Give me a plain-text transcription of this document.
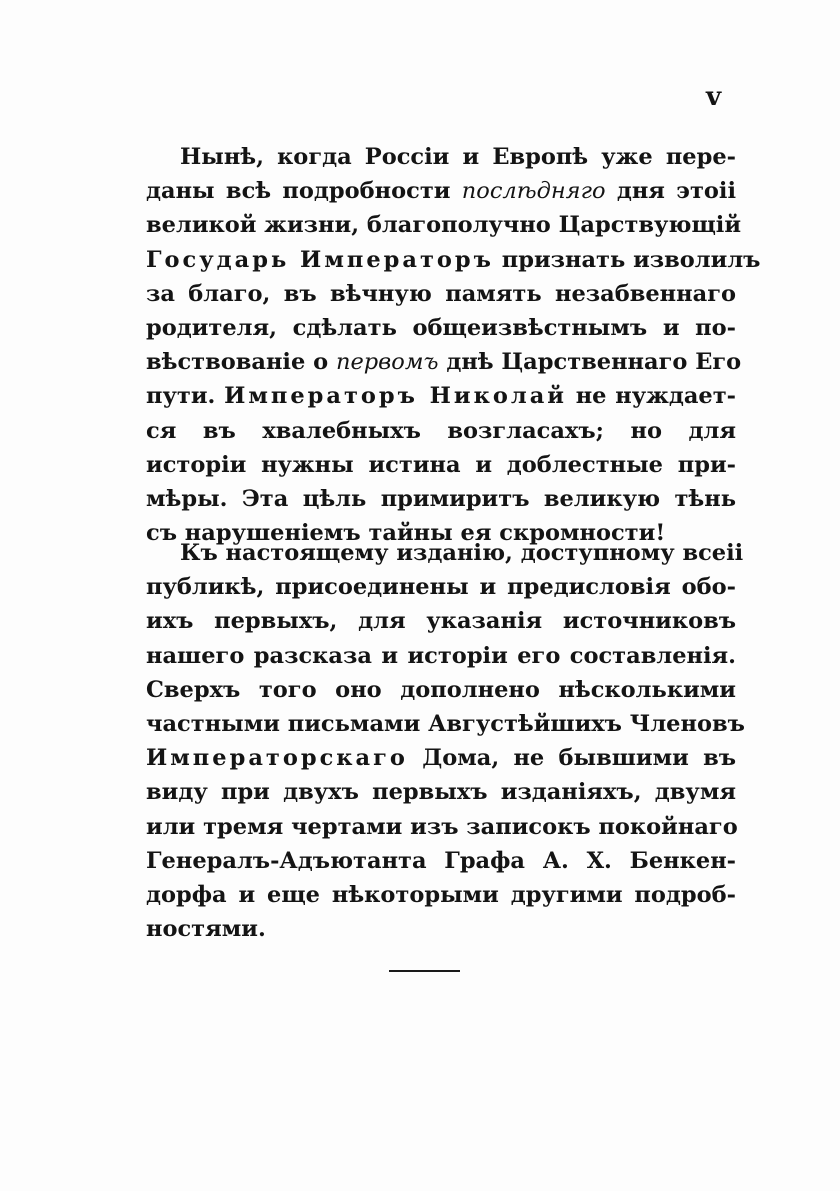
v
Нынѣ, когда Россіи и Европѣ уже пере-
даны всѣ подробности послѣдняго дня этоіі
великой жизни, благополучно Царствующій
Государь Императоръ признать изволилъ
за благо, въ вѣчную память незабвеннаго
родителя, сдѣлать общеизвѣстнымъ и по-
вѣствованіе о первомъ днѣ Царственнаго Его
пути. Императоръ Николай не нуждает-
ся въ хвалебныхъ возгласахъ; но для
исторіи нужны истина и доблестные при-
мѣры. Эта цѣль примиритъ великую тѣнь
съ нарушеніемъ тайны ея скромности!
Къ настоящему изданію, доступному всеіі
публикѣ, присоединены и предисловія обо-
ихъ первыхъ, для указанія источниковъ
нашего разсказа и исторіи его составленія.
Сверхъ того оно дополнено нѣсколькими
частными письмами Августѣйшихъ Членовъ
Императорскаго Дома, не бывшими въ
виду при двухъ первыхъ изданіяхъ, двумя
или тремя чертами изъ записокъ покойнаго
Генералъ-Адъютанта Графа А. Х. Бенкен-
дорфа и еще нѣкоторыми другими подроб-
ностями.
